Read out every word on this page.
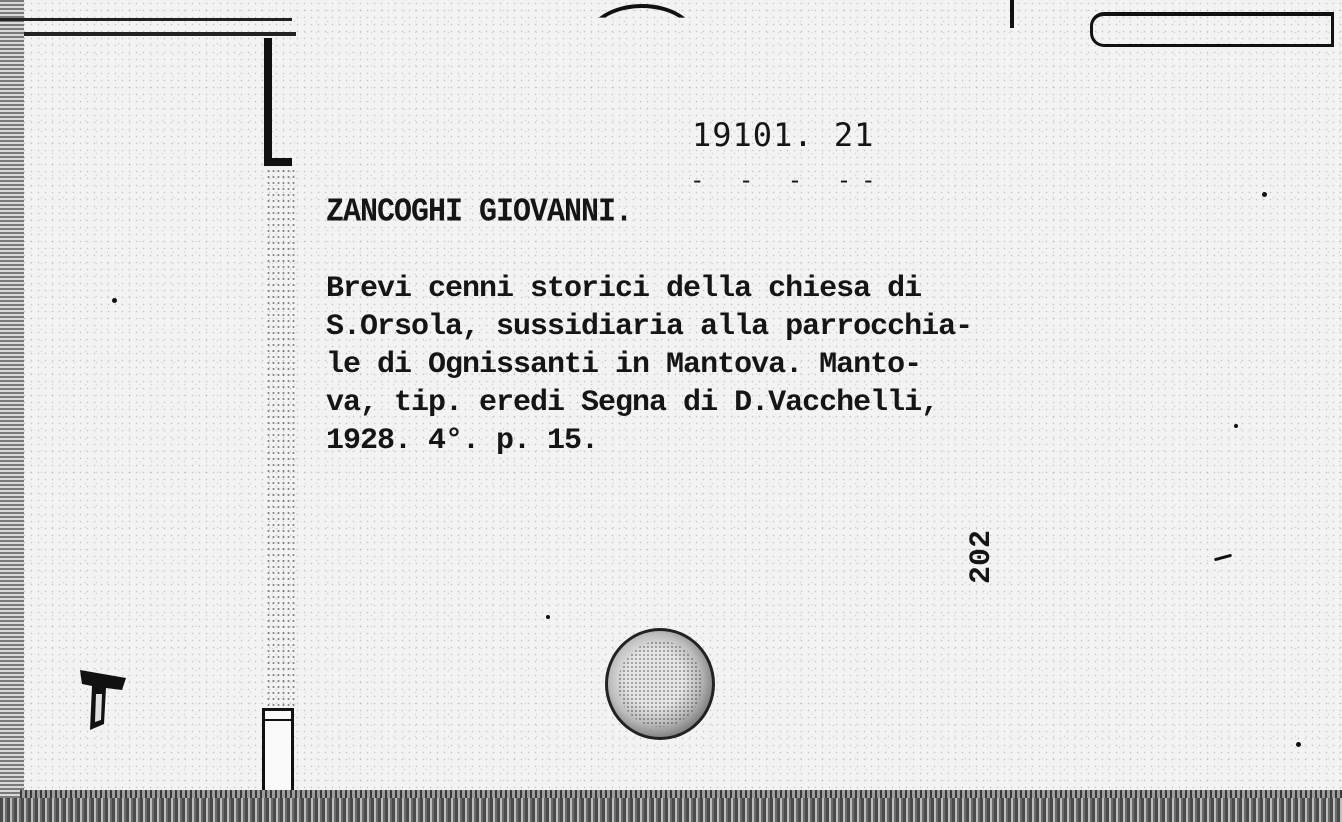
19101. 21
- - - --
ZANCOGHI GIOVANNI.
Brevi cenni storici della chiesa di
S.Orsola, sussidiaria alla parrocchia-
le di Ognissanti in Mantova. Manto-
va, tip. eredi Segna di D.Vacchelli,
1928. 4°. p. 15.
202
